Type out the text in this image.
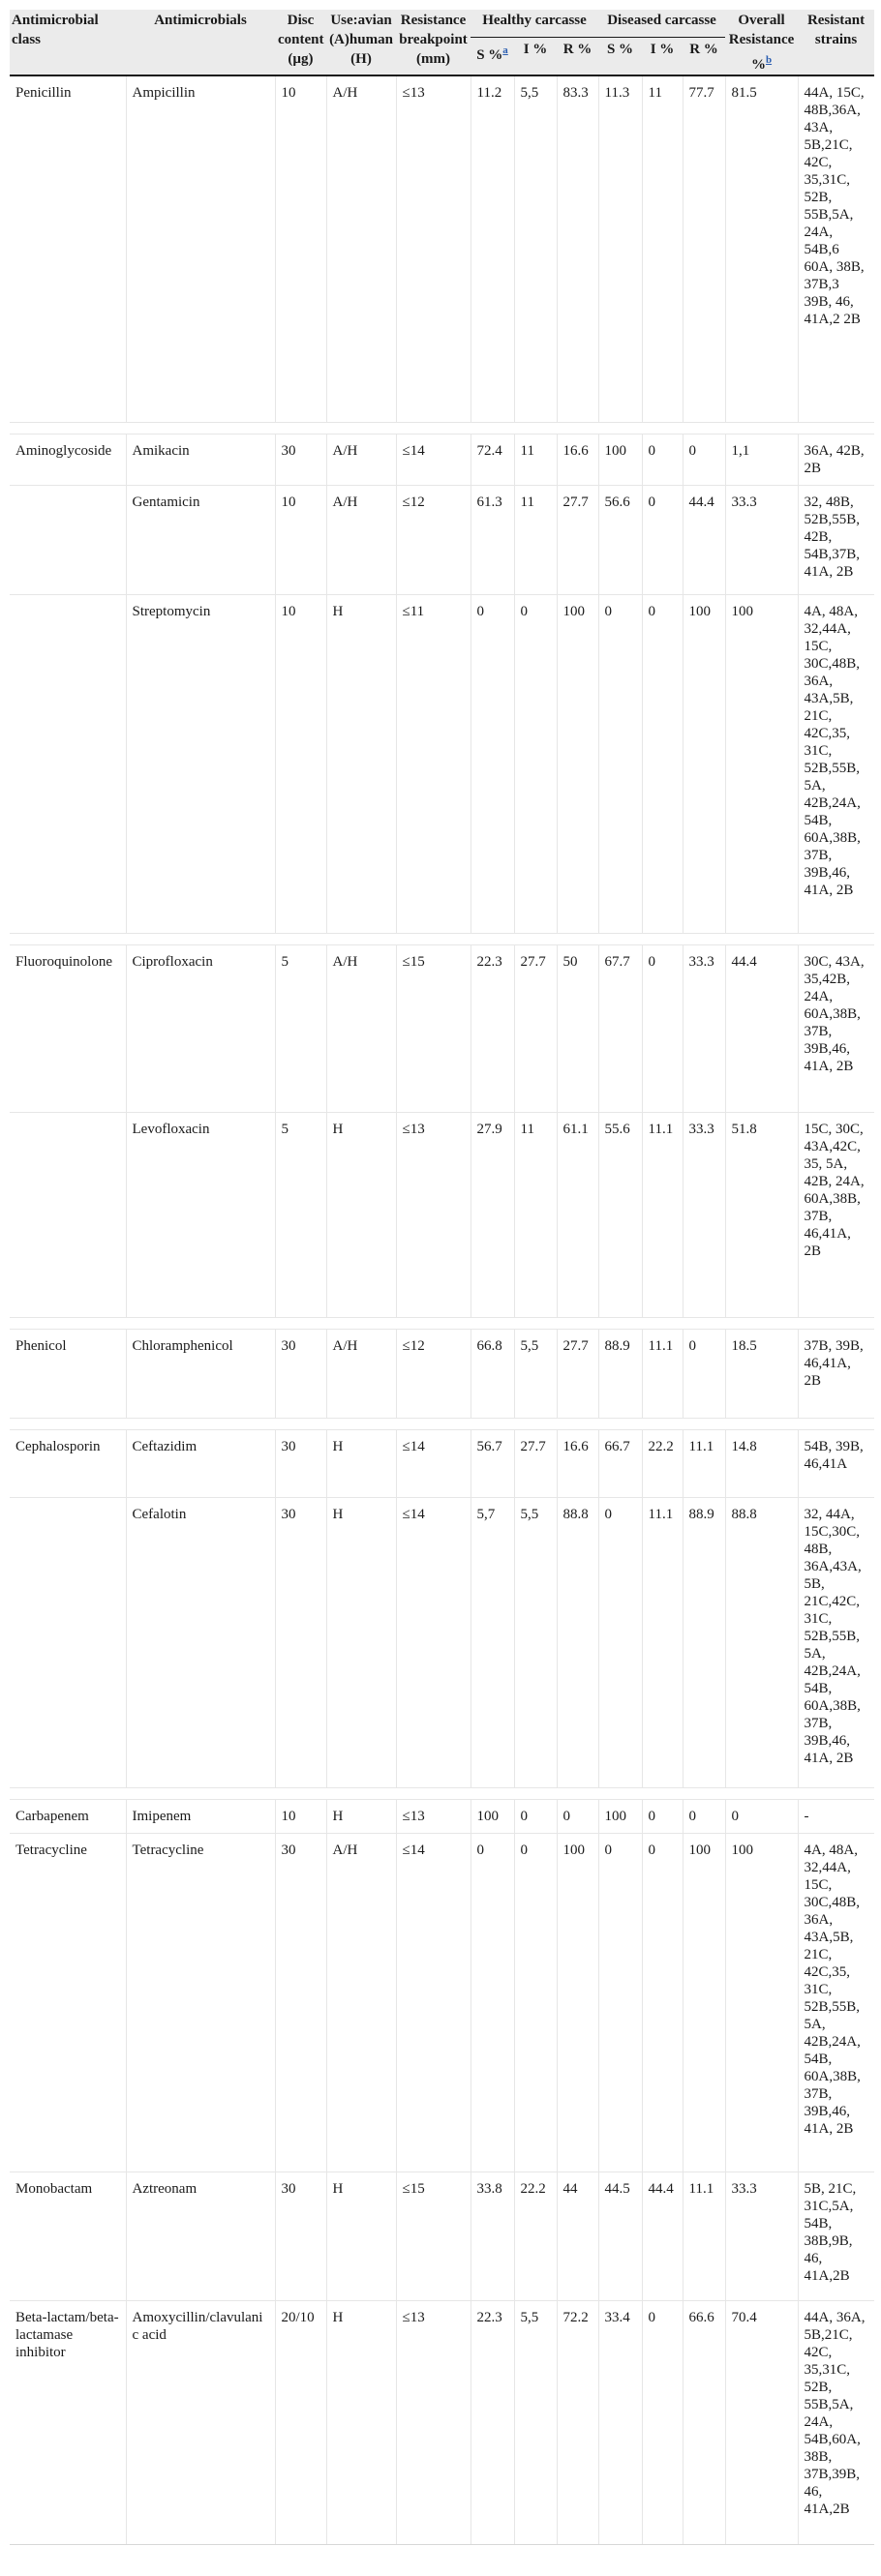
Antimicrobial class	Antimicrobials	Disc content (µg)	Use:avian (A)human (H)	Resistance breakpoint (mm)	Healthy carcasse			Diseased carcasse			Overall Resistance %$^b$	Resistant strains
					S %$^a$	I %	R %	S %	I %	R %		
Penicillin	Ampicillin	10	A/H	≤13	11.2	5,5	83.3	11.3	11	77.7	81.5	44A, 15C, 48B,36A, 43A, 5B,21C, 42C, 35,31C, 52B, 55B,5A, 24A, 54B,6 60A, 38B, 37B,3 39B, 46, 41A,2 2B

Aminoglycoside	Amikacin	30	A/H	≤14	72.4	11	16.6	100	0	0	1,1	36A, 42B, 2B
	Gentamicin	10	A/H	≤12	61.3	11	27.7	56.6	0	44.4	33.3	32, 48B, 52B,55B, 42B, 54B,37B, 41A, 2B
	Streptomycin	10	H	≤11	0	0	100	0	0	100	100	4A, 48A, 32,44A, 15C, 30C,48B, 36A, 43A,5B, 21C, 42C,35, 31C, 52B,55B, 5A, 42B,24A, 54B, 60A,38B, 37B, 39B,46, 41A, 2B

Fluoroquinolone	Ciprofloxacin	5	A/H	≤15	22.3	27.7	50	67.7	0	33.3	44.4	30C, 43A, 35,42B, 24A, 60A,38B, 37B, 39B,46, 41A, 2B
	Levofloxacin	5	H	≤13	27.9	11	61.1	55.6	11.1	33.3	51.8	15C, 30C, 43A,42C, 35, 5A, 42B, 24A, 60A,38B, 37B, 46,41A, 2B

Phenicol	Chloramphenicol	30	A/H	≤12	66.8	5,5	27.7	88.9	11.1	0	18.5	37B, 39B, 46,41A, 2B

Cephalosporin	Ceftazidim	30	H	≤14	56.7	27.7	16.6	66.7	22.2	11.1	14.8	54B, 39B, 46,41A
	Cefalotin	30	H	≤14	5,7	5,5	88.8	0	11.1	88.9	88.8	32, 44A, 15C,30C, 48B, 36A,43A, 5B, 21C,42C, 31C, 52B,55B, 5A, 42B,24A, 54B, 60A,38B, 37B, 39B,46, 41A, 2B

Carbapenem	Imipenem	10	H	≤13	100	0	0	100	0	0	0	-
Tetracycline	Tetracycline	30	A/H	≤14	0	0	100	0	0	100	100	4A, 48A, 32,44A, 15C, 30C,48B, 36A, 43A,5B, 21C, 42C,35, 31C, 52B,55B, 5A, 42B,24A, 54B, 60A,38B, 37B, 39B,46, 41A, 2B
Monobactam	Aztreonam	30	H	≤15	33.8	22.2	44	44.5	44.4	11.1	33.3	5B, 21C, 31C,5A, 54B, 38B,9B, 46, 41A,2B
Beta-lactam/beta-lactamase inhibitor	Amoxycillin/clavulanic acid	20/10	H	≤13	22.3	5,5	72.2	33.4	0	66.6	70.4	44A, 36A, 5B,21C, 42C, 35,31C, 52B, 55B,5A, 24A, 54B,60A, 38B, 37B,39B, 46, 41A,2B
